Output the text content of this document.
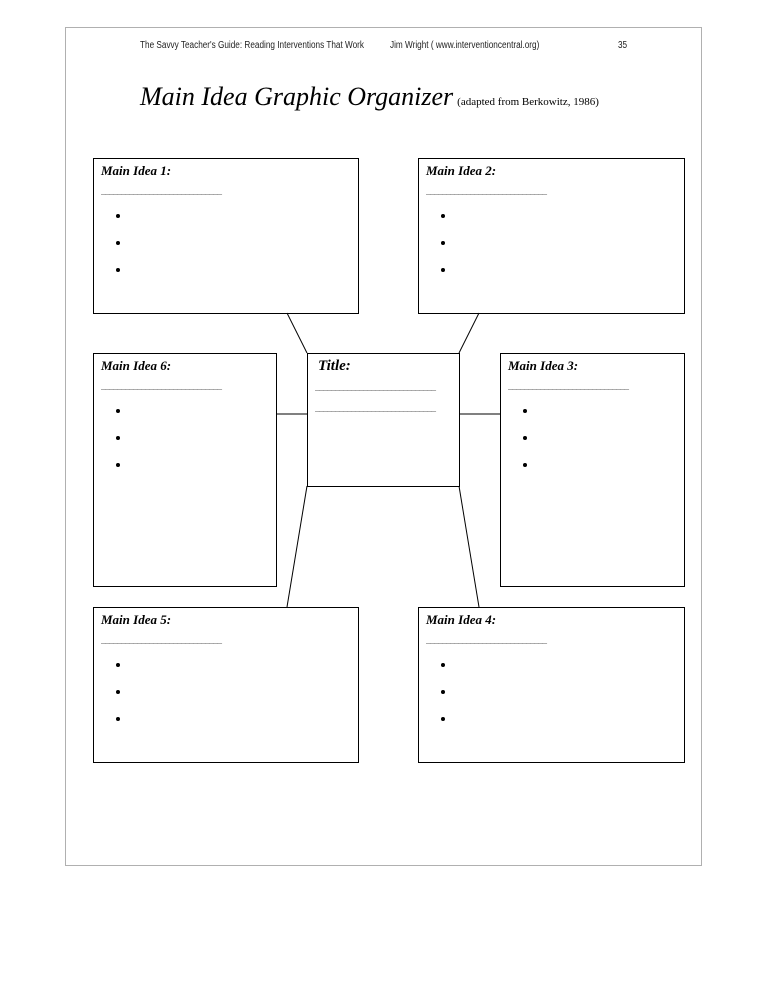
The Savvy Teacher's Guide: Reading Interventions That Work	Jim Wright ( www.interventioncentral.org)	35
Main Idea Graphic Organizer (adapted from Berkowitz, 1986)
Main Idea 1:
______________________________
•
•
•
Main Idea 2:
______________________________
•
•
•
Main Idea 6:
______________________________
•
•
•
Title:
______________________________
______________________________
Main Idea 3:
______________________________
•
•
•
Main Idea 5:
______________________________
•
•
•
Main Idea 4:
______________________________
•
•
•
